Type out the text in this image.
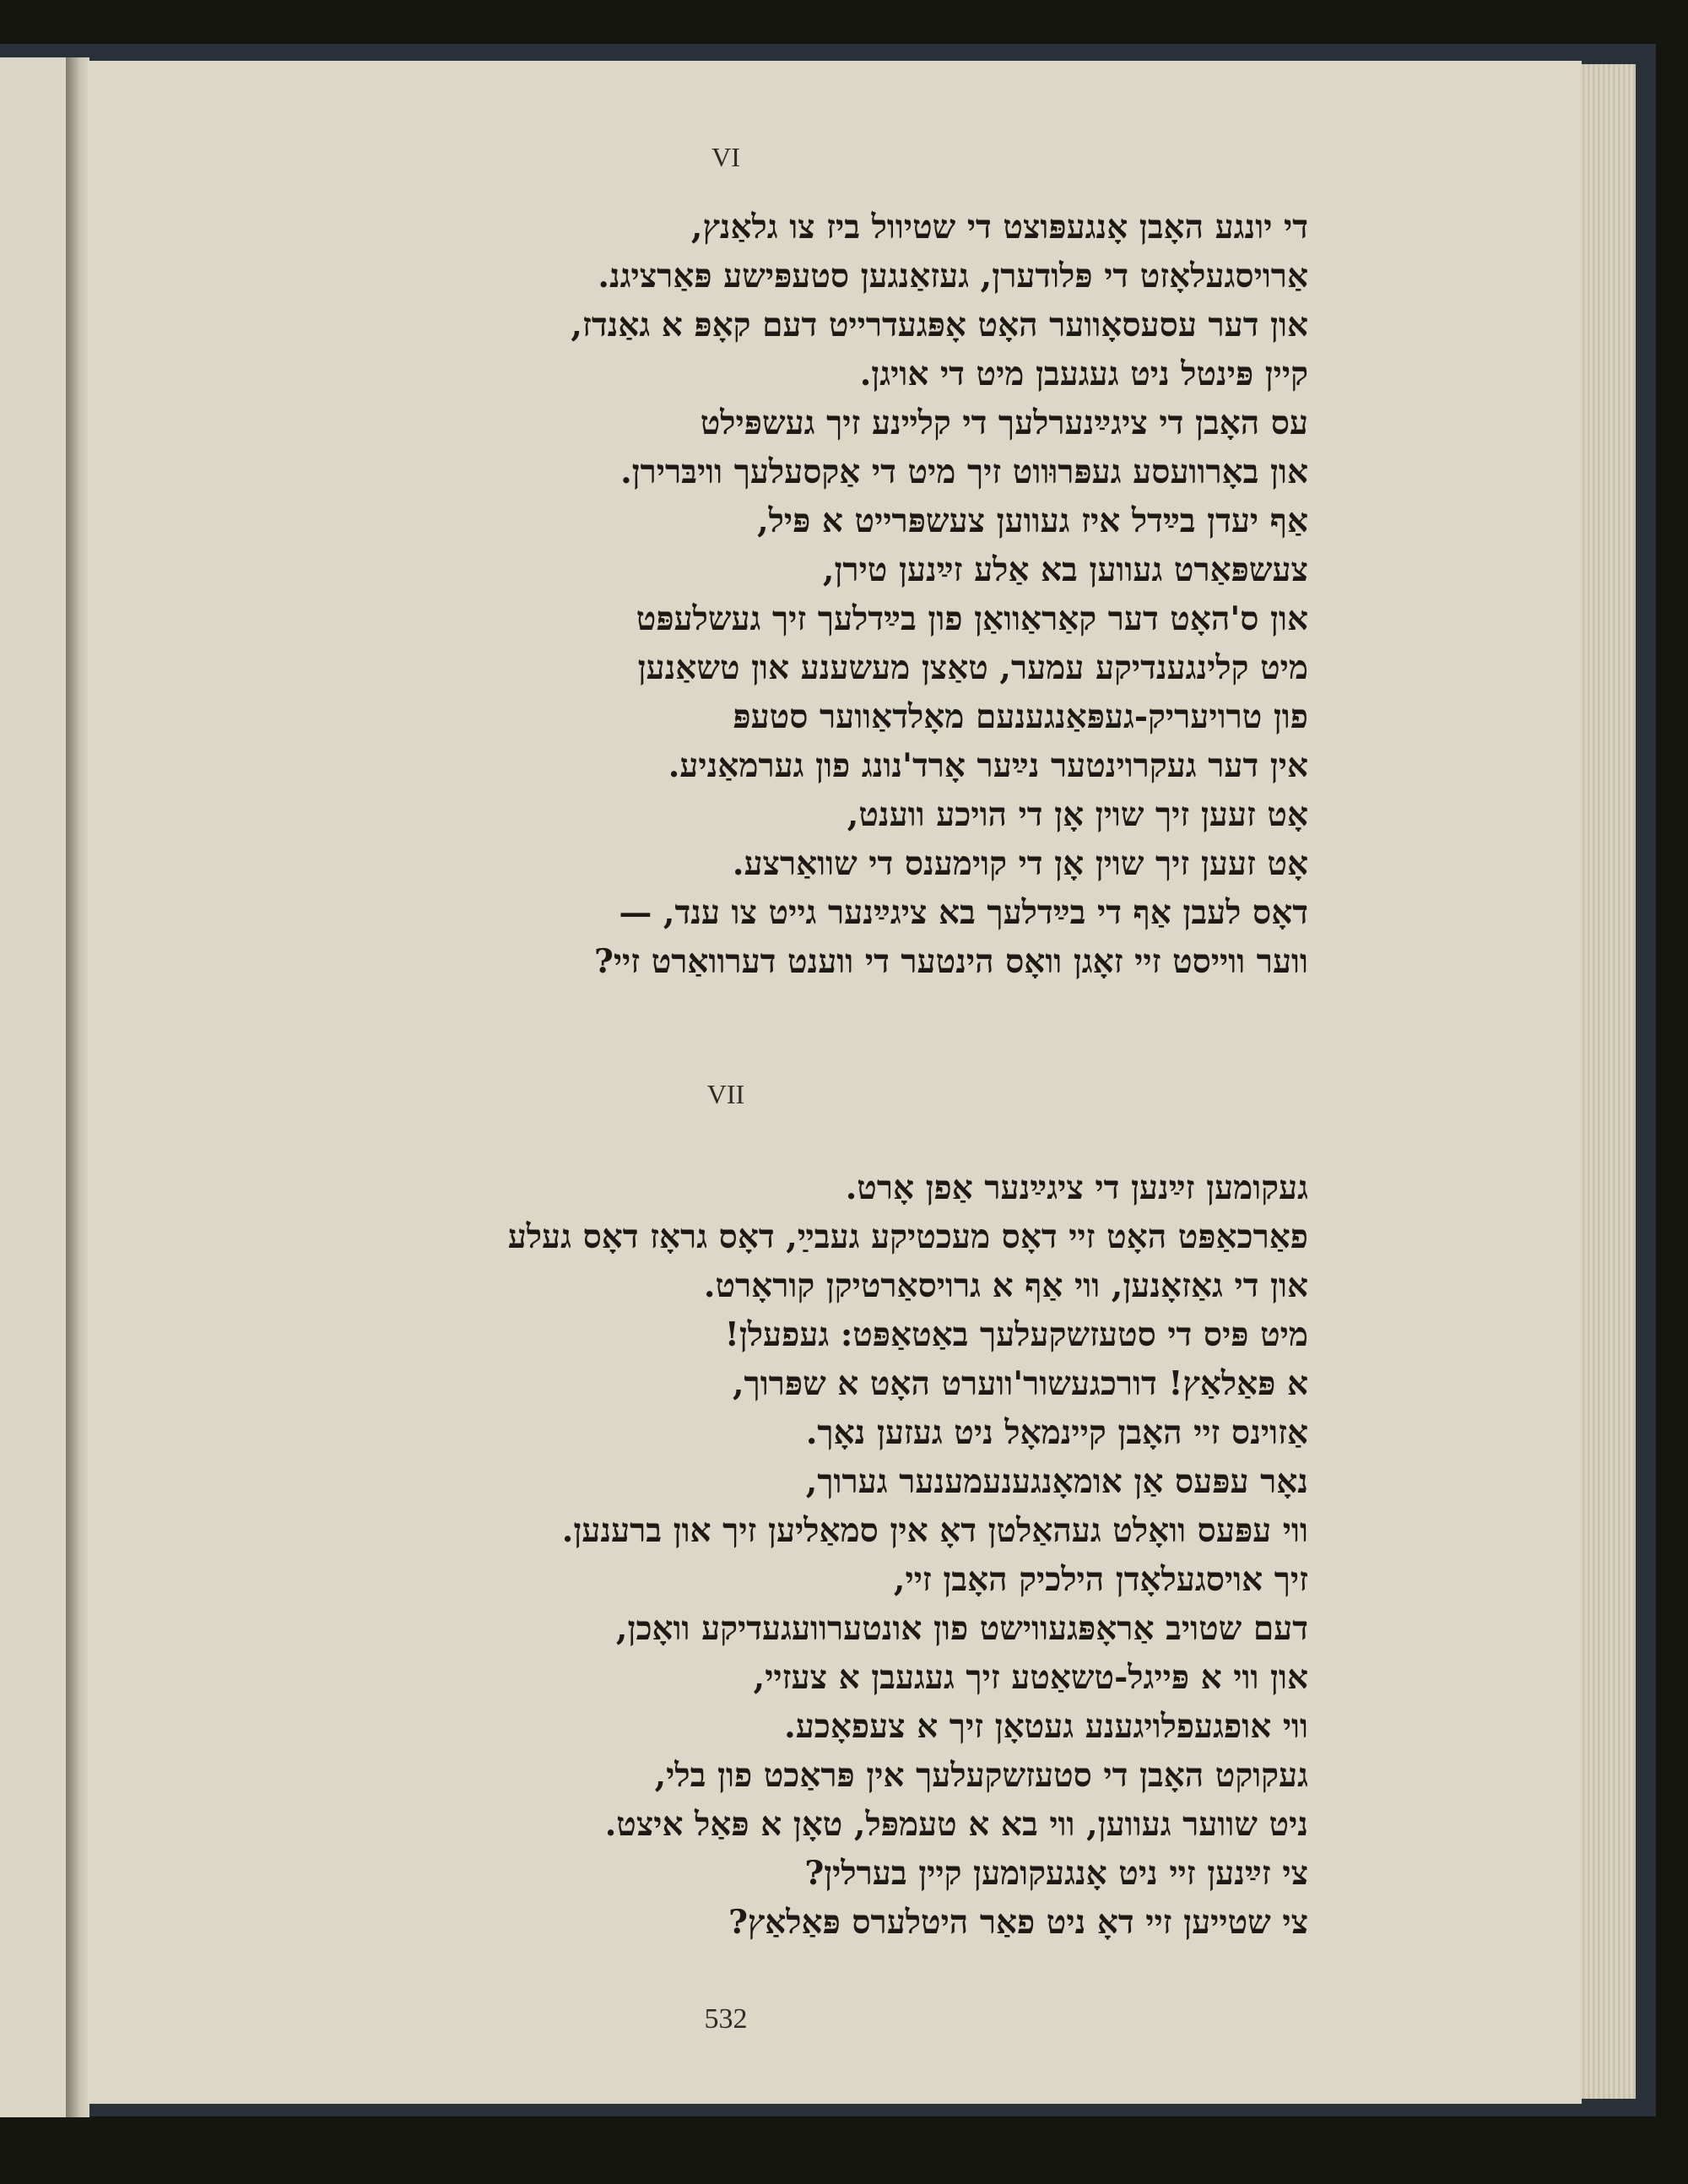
VI
די יונגע האָבן אָנגעפּוצט די שטיוול ביז צו גלאַנץ,
אַרויסגעלאָזט די פּלודערן, געזאַנגען סטעפּישע פּאַרציגנ.
און דער עסעסאָווער האָט אָפּגעדרייט דעם קאָפּ א גאַנדז,
קיין פּינטל ניט געגעבן מיט די אויגן.
עס האָבן די ציגײַנערלעך די קלײנע זיך געשפּילט
און באָרוועסע געפּרוּווט זיך מיט די אַקסעלעך וויבּרירן.
אַף יעדן בײַדל איז געווען צעשפּרייט א פּיל,
צעשפּאַרט געווען בא אַלע זײַנען טירן,
און ס'האָט דער קאַראַוואַן פון בײַדלעך זיך געשלעפּט
מיט קלינגענדיקע עמער, טאַצן מעשענע און טשאַנען
פון טרויעריק-געפּאַנגענעם מאָלדאַווער סטעפּ
אין דער געקרוינטער נײַער אָרד'נונג פון גערמאַניע.
אָט זעען זיך שוין אָן די הויכע ווענט,
אָט זעען זיך שוין אָן די קוימענס די שוואַרצע.
דאָס לעבן אַף די בײַדלעך בא ציגײַנער גייט צו ענד, —
ווער ווייסט זיי זאָגן וואָס הינטער די ווענט דערוואַרט זיי?
VII
געקומען זײַנען די ציגײַנער אַפן אָרט.
פאַרכאַפּט האָט זיי דאָס מעכטיקע געבײַ, דאָס גראָז דאָס געלע
און די גאַזאָנען, ווי אַף א גרויסאַרטיקן קוראָרט.
מיט פּיס די סטעזשקעלעך באַטאַפּט: געפעלן!
א פּאַלאַץ! דורכגעשור'ווערט האָט א שפּרוך,
אַזוינס זיי האָבן קיינמאָל ניט געזען נאָך.
נאָר עפּעס אַן אומאָנגענעמענער גערוך,
ווי עפּעס וואָלט געהאַלטן דאָ אין סמאַליען זיך און ברענען.
זיך אויסגעלאָדן הילכיק האָבן זיי,
דעם שטויב אַראָפּגעווישט פון אונטערוועגעדיקע וואָכן,
און ווי א פּייגל-טשאַטע זיך געגעבן א צעזיי,
ווי אופגעפלויגענע געטאָן זיך א צעפאָכע.
געקוקט האָבן די סטעזשקעלעך אין פּראַכט פון בלי,
ניט שווער געווען, ווי בא א טעמפּל, טאָן א פּאַל איצט.
צי זײַנען זיי ניט אָנגעקומען קיין בערלין?
צי שטייען זיי דאָ ניט פאַר היטלערס פּאַלאַץ?
532
